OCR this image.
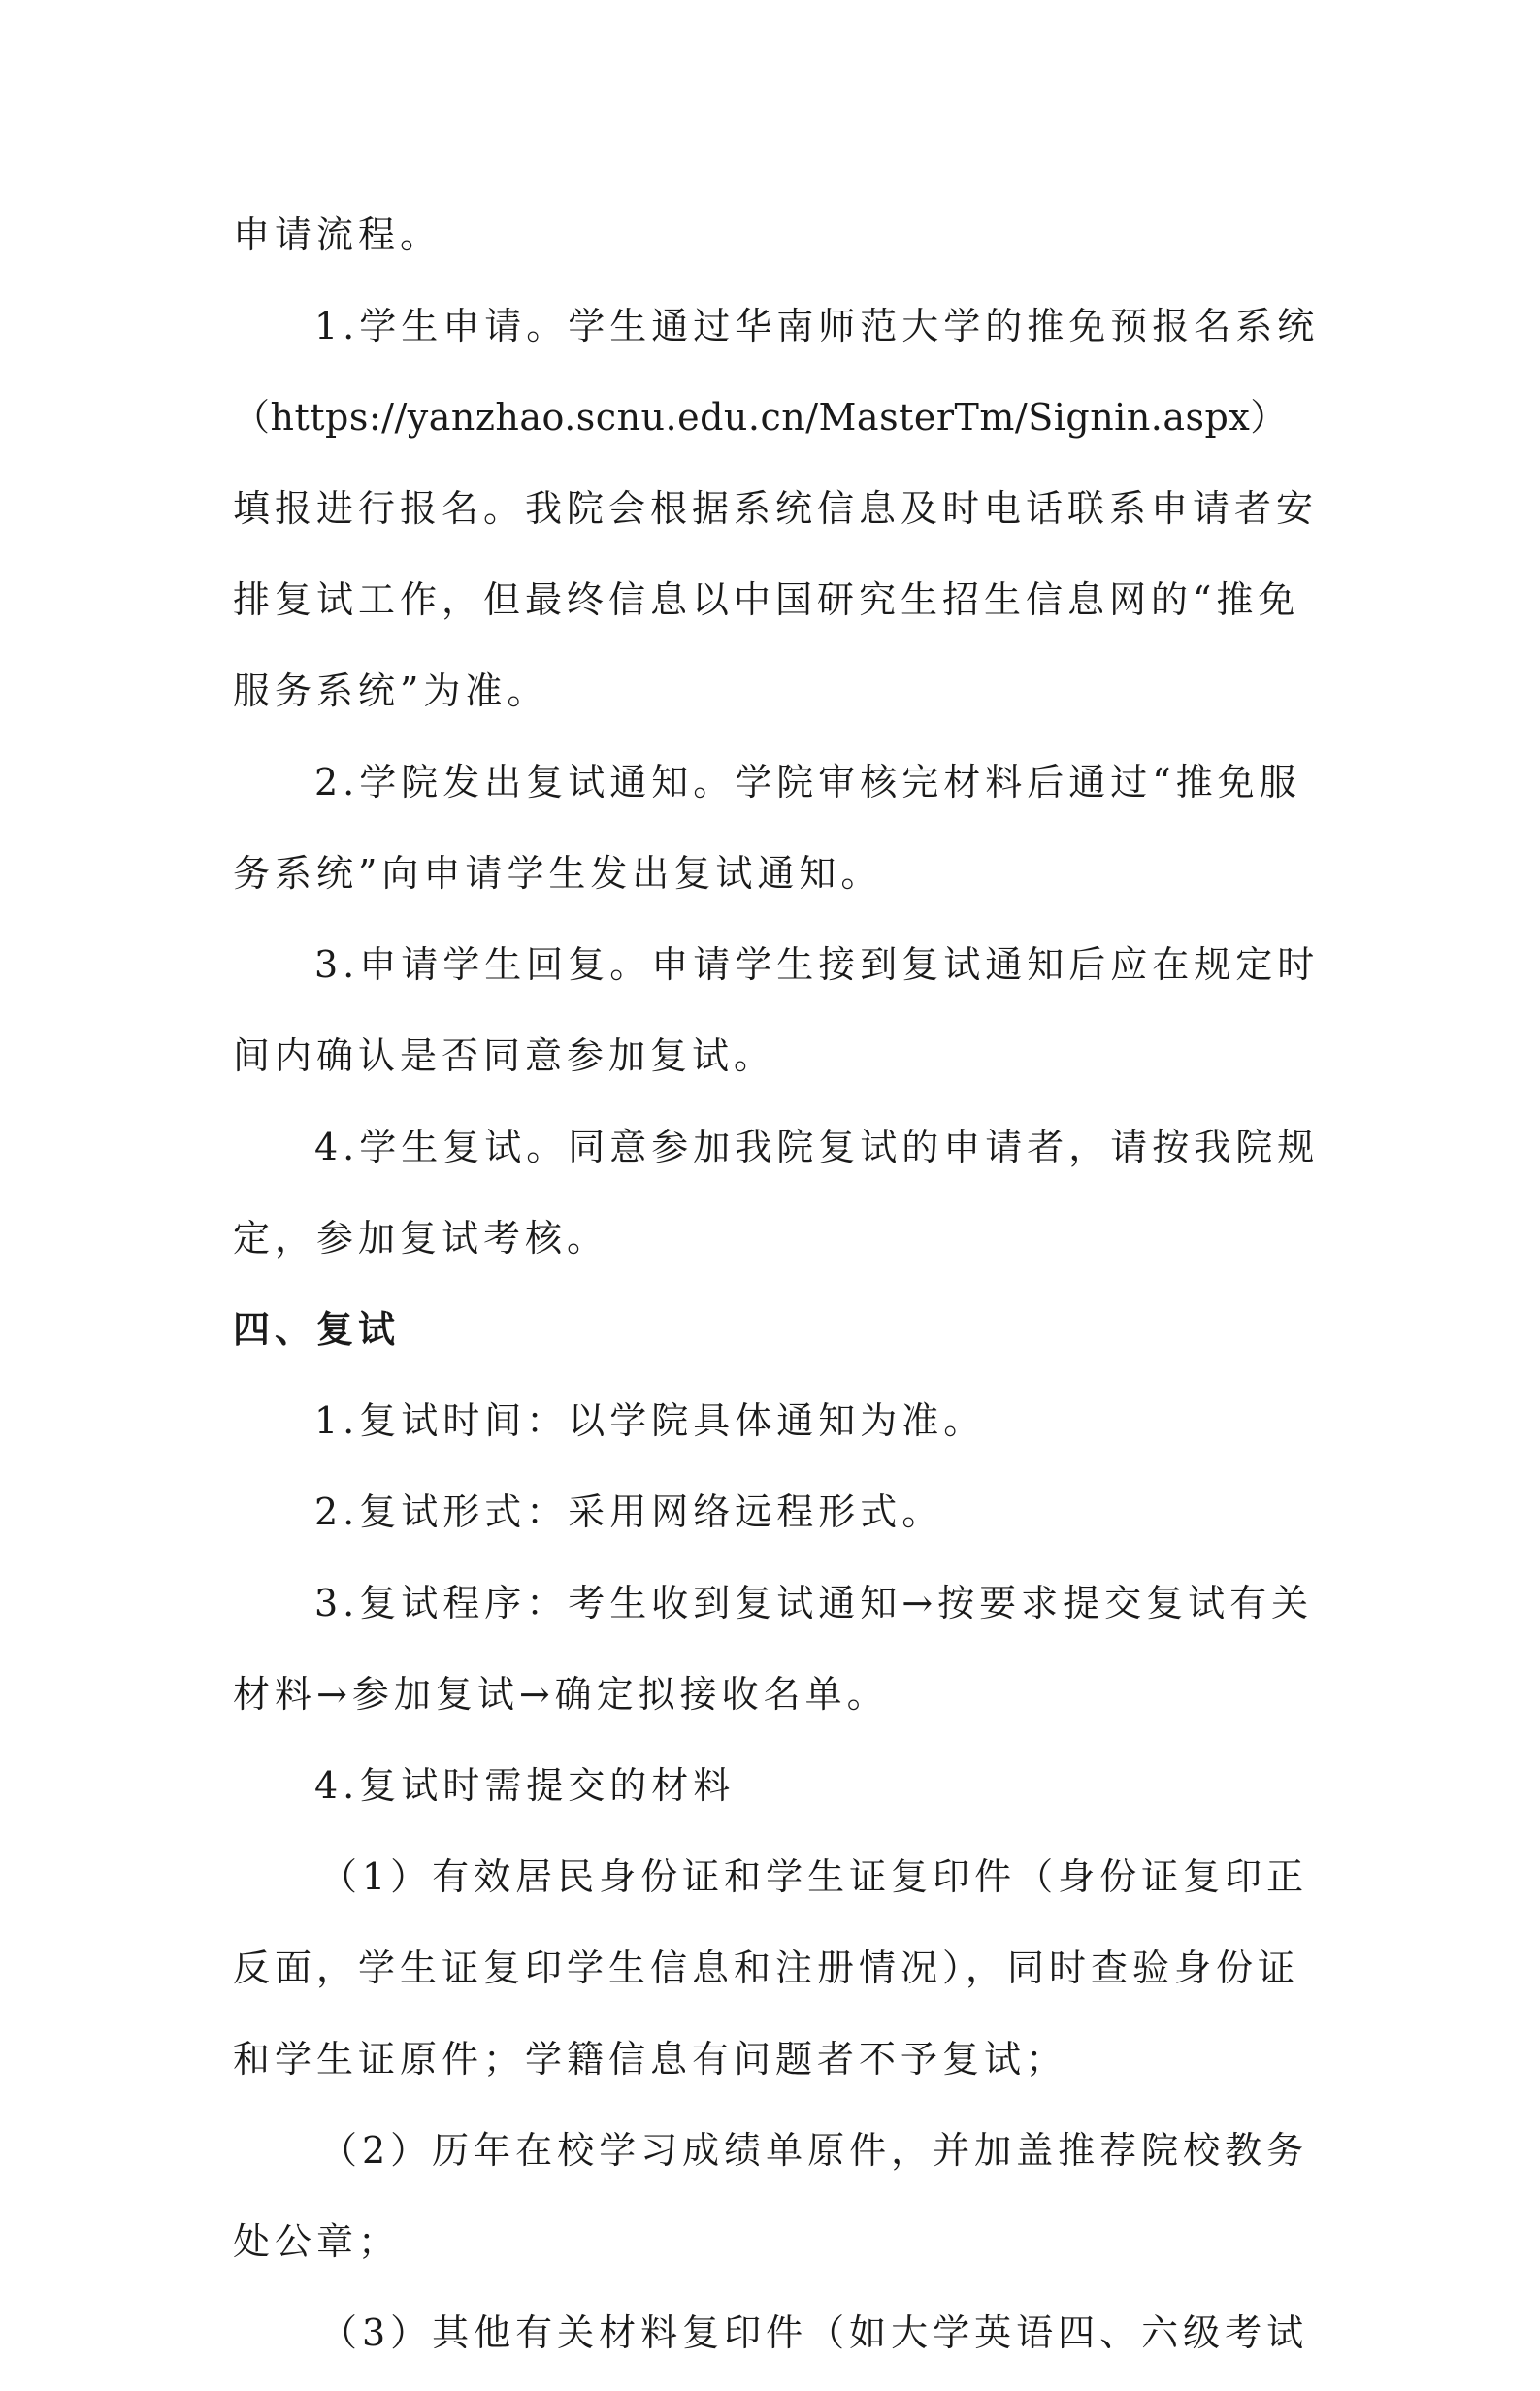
申请流程。
1.学生申请。学生通过华南师范大学的推免预报名系统
（https://yanzhao.scnu.edu.cn/MasterTm/Signin.aspx）
填报进行报名。我院会根据系统信息及时电话联系申请者安
排复试工作，但最终信息以中国研究生招生信息网的“推免
服务系统”为准。
2.学院发出复试通知。学院审核完材料后通过“推免服
务系统”向申请学生发出复试通知。
3.申请学生回复。申请学生接到复试通知后应在规定时
间内确认是否同意参加复试。
4.学生复试。同意参加我院复试的申请者，请按我院规
定，参加复试考核。
四、复试
1.复试时间：以学院具体通知为准。
2.复试形式：采用网络远程形式。
3.复试程序：考生收到复试通知→按要求提交复试有关
材料→参加复试→确定拟接收名单。
4.复试时需提交的材料
（1）有效居民身份证和学生证复印件（身份证复印正
反面，学生证复印学生信息和注册情况），同时查验身份证
和学生证原件；学籍信息有问题者不予复试；
（2）历年在校学习成绩单原件，并加盖推荐院校教务
处公章；
（3）其他有关材料复印件（如大学英语四、六级考试
